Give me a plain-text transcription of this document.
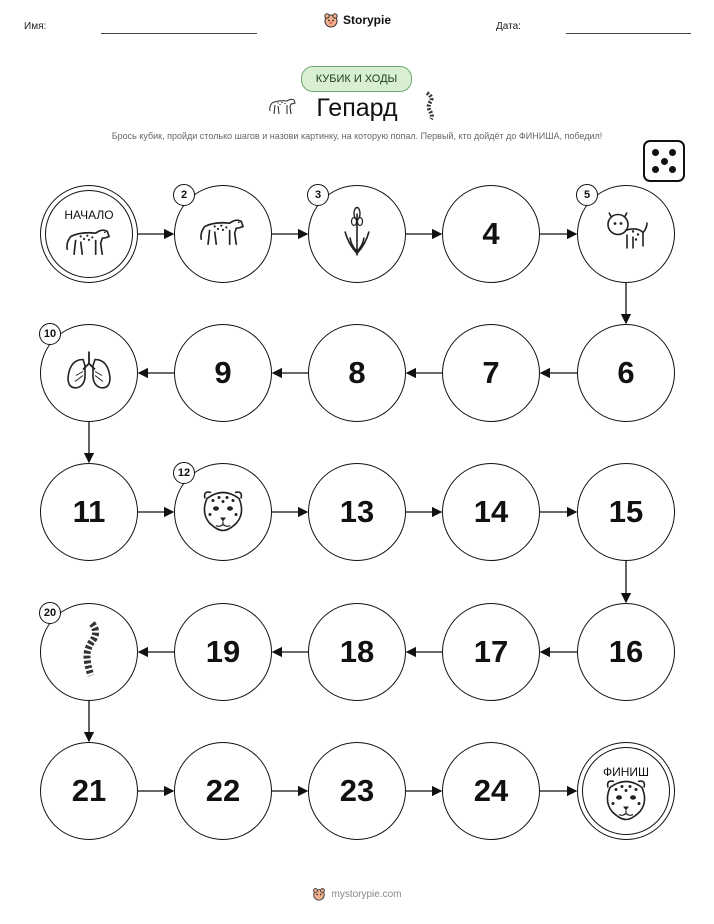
Имя:	Storypie	Дата:
КУБИК И ХОДЫ
Гепард
Брось кубик, пройди столько шагов и назови картинку, на которую попал. Первый, кто дойдёт до ФИНИША, победил!
НАЧАЛО
2	3
4
5
6
7
8
9
10
11
12
13	14	15
16
17
18
19
20
21	22	23	24
ФИНИШ
mystorypie.com
